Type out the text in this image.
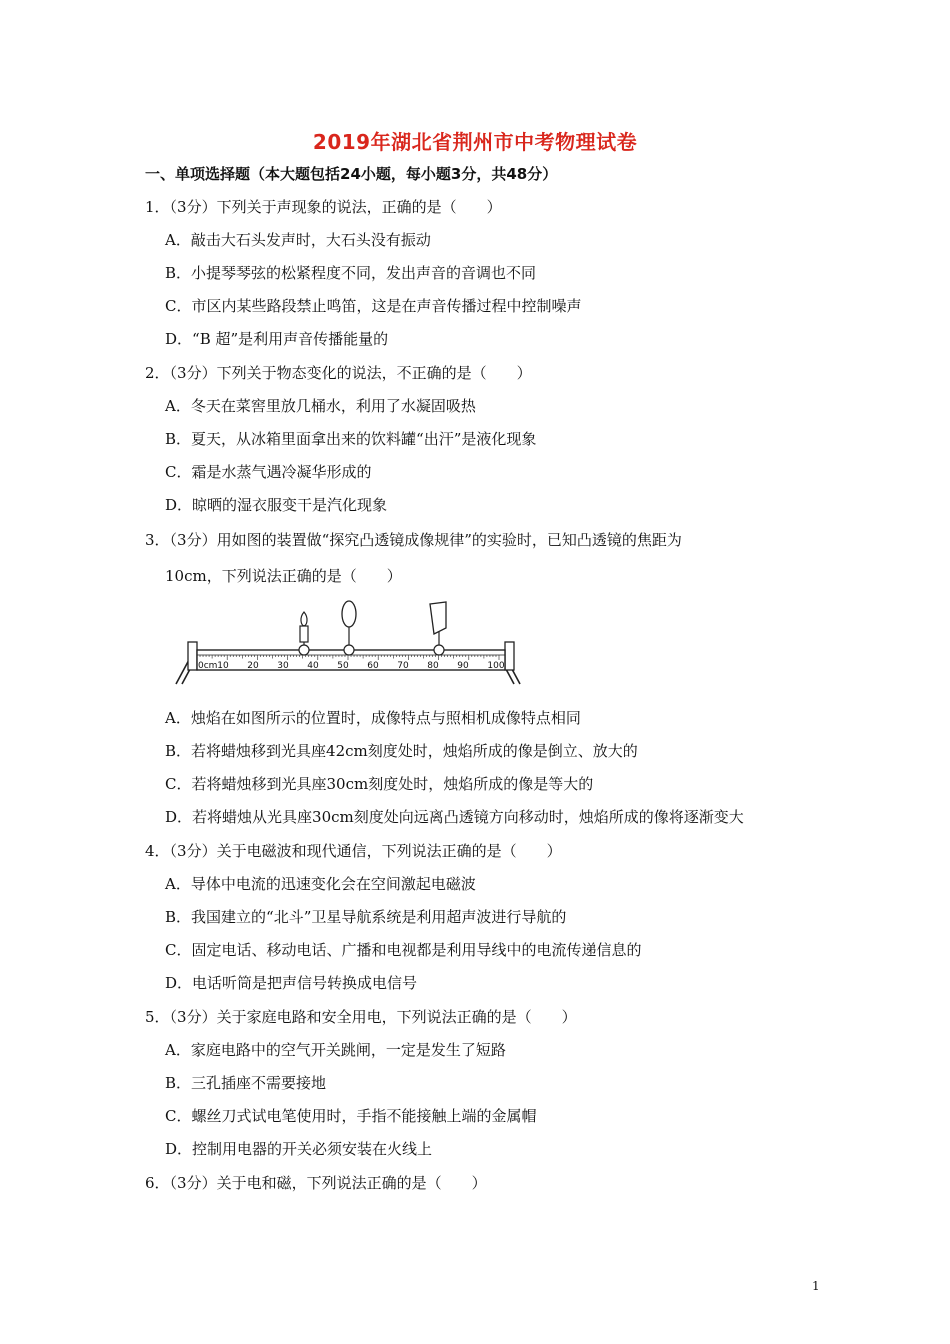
2019年湖北省荆州市中考物理试卷
一、单项选择题（本大题包括24小题，每小题3分，共48分）
1．（3分）下列关于声现象的说法，正确的是（　　）
A．敲击大石头发声时，大石头没有振动
B．小提琴琴弦的松紧程度不同，发出声音的音调也不同
C．市区内某些路段禁止鸣笛，这是在声音传播过程中控制噪声
D．“B 超”是利用声音传播能量的
2．（3分）下列关于物态变化的说法，不正确的是（　　）
A．冬天在菜窖里放几桶水，利用了水凝固吸热
B．夏天，从冰箱里面拿出来的饮料罐“出汗”是液化现象
C．霜是水蒸气遇冷凝华形成的
D．晾晒的湿衣服变干是汽化现象
3．（3分）用如图的装置做“探究凸透镜成像规律”的实验时，已知凸透镜的焦距为
10cm，下列说法正确的是（　　）
0cm 10 20 30 40 50 60 70 80 90 100
A．烛焰在如图所示的位置时，成像特点与照相机成像特点相同
B．若将蜡烛移到光具座42cm刻度处时，烛焰所成的像是倒立、放大的
C．若将蜡烛移到光具座30cm刻度处时，烛焰所成的像是等大的
D．若将蜡烛从光具座30cm刻度处向远离凸透镜方向移动时，烛焰所成的像将逐渐变大
4．（3分）关于电磁波和现代通信，下列说法正确的是（　　）
A．导体中电流的迅速变化会在空间激起电磁波
B．我国建立的“北斗”卫星导航系统是利用超声波进行导航的
C．固定电话、移动电话、广播和电视都是利用导线中的电流传递信息的
D．电话听筒是把声信号转换成电信号
5．（3分）关于家庭电路和安全用电，下列说法正确的是（　　）
A．家庭电路中的空气开关跳闸，一定是发生了短路
B．三孔插座不需要接地
C．螺丝刀式试电笔使用时，手指不能接触上端的金属帽
D．控制用电器的开关必须安装在火线上
6．（3分）关于电和磁，下列说法正确的是（　　）
1
